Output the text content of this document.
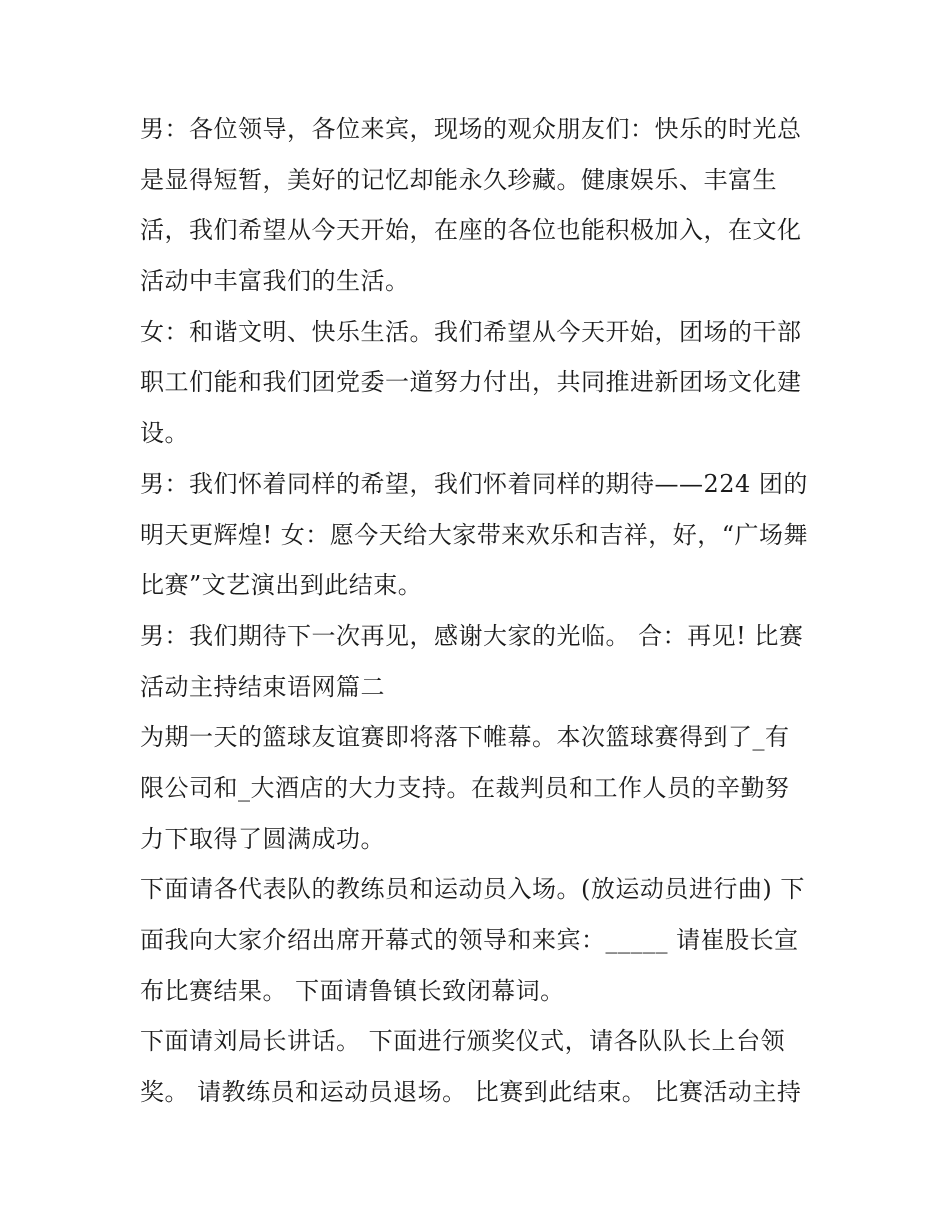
男：各位领导，各位来宾，现场的观众朋友们：快乐的时光总
是显得短暂，美好的记忆却能永久珍藏。健康娱乐、丰富生
活，我们希望从今天开始，在座的各位也能积极加入，在文化
活动中丰富我们的生活。
女：和谐文明、快乐生活。我们希望从今天开始，团场的干部
职工们能和我们团党委一道努力付出，共同推进新团场文化建
设。
男：我们怀着同样的希望，我们怀着同样的期待——224 团的
明天更辉煌! 女：愿今天给大家带来欢乐和吉祥，好，“广场舞
比赛”文艺演出到此结束。
男：我们期待下一次再见，感谢大家的光临。 合：再见! 比赛
活动主持结束语网篇二
为期一天的篮球友谊赛即将落下帷幕。本次篮球赛得到了_有
限公司和_大酒店的大力支持。在裁判员和工作人员的辛勤努
力下取得了圆满成功。
下面请各代表队的教练员和运动员入场。(放运动员进行曲) 下
面我向大家介绍出席开幕式的领导和来宾：_____ 请崔股长宣
布比赛结果。 下面请鲁镇长致闭幕词。
下面请刘局长讲话。 下面进行颁奖仪式，请各队队长上台领
奖。 请教练员和运动员退场。 比赛到此结束。 比赛活动主持
